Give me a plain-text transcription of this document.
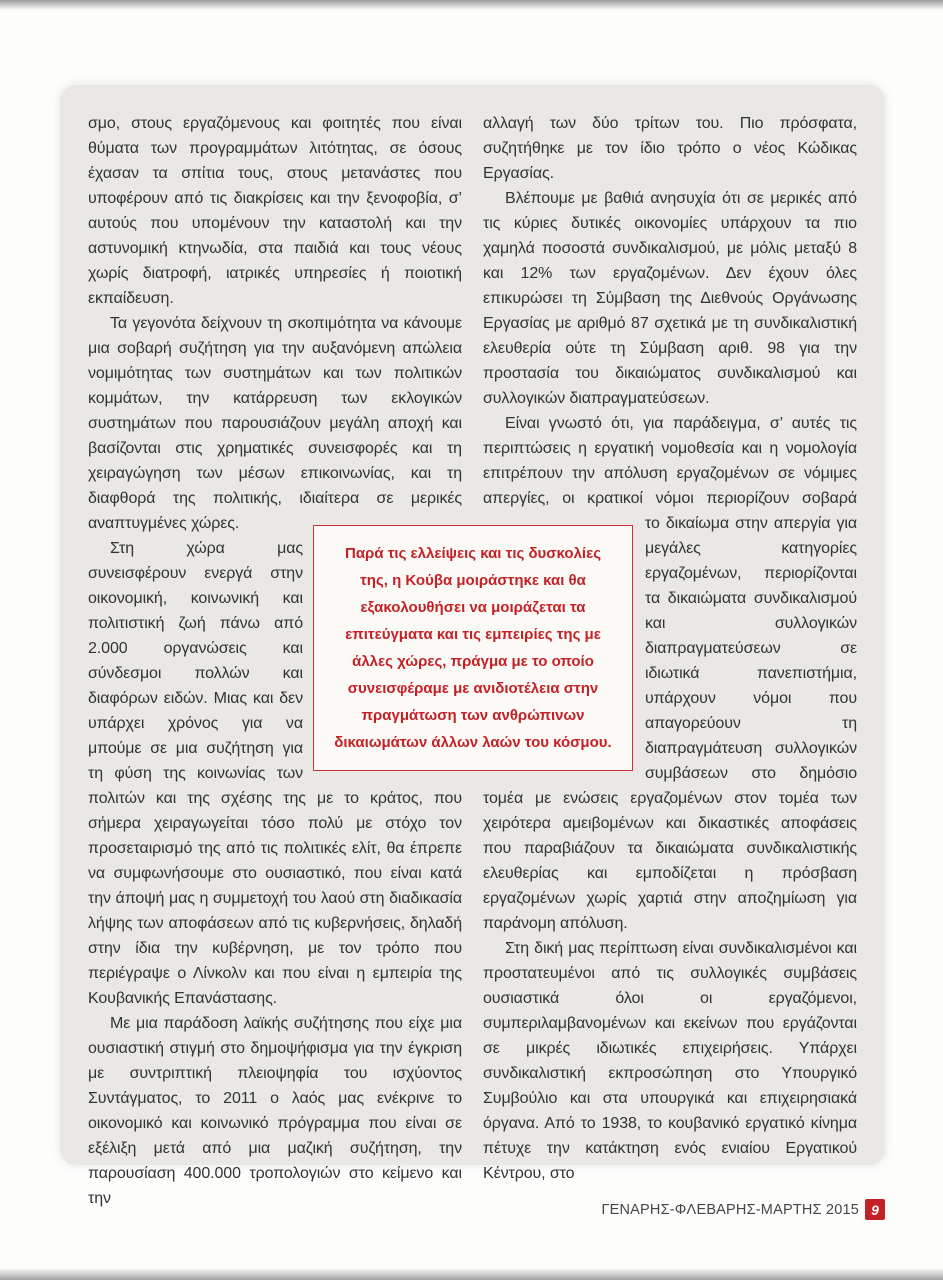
σμο, στους εργαζόμενους και φοιτητές που είναι θύματα των προγραμμάτων λιτότητας, σε όσους έχασαν τα σπίτια τους, στους μετανάστες που υποφέρουν από τις διακρίσεις και την ξενοφοβία, σ’ αυτούς που υπομένουν την καταστολή και την αστυνομική κτηνωδία, στα παιδιά και τους νέους χωρίς διατροφή, ιατρικές υπηρεσίες ή ποιοτική εκπαίδευση.

Τα γεγονότα δείχνουν τη σκοπιμότητα να κάνουμε μια σοβαρή συζήτηση για την αυξανόμενη απώλεια νομιμότητας των συστημάτων και των πολιτικών κομμάτων, την κατάρρευση των εκλογικών συστημάτων που παρουσιάζουν μεγάλη αποχή και βασίζονται στις χρηματικές συνεισφορές και τη χειραγώγηση των μέσων επικοινωνίας, και τη διαφθορά της πολιτικής, ιδιαίτερα σε μερικές αναπτυγμένες χώρες.

Στη χώρα μας συνεισφέρουν ενεργά στην οικονομική, κοινωνική και πολιτιστική ζωή πάνω από 2.000 οργανώσεις και σύνδεσμοι πολλών και διαφόρων ειδών. Μιας και δεν υπάρχει χρόνος για να μπούμε σε μια συζήτηση για τη φύση της κοινωνίας των πολιτών και της σχέσης της με το κράτος, που σήμερα χειραγωγείται τόσο πολύ με στόχο τον προσεταιρισμό της από τις πολιτικές ελίτ, θα έπρεπε να συμφωνήσουμε στο ουσιαστικό, που είναι κατά την άποψή μας η συμμετοχή του λαού στη διαδικασία λήψης των αποφάσεων από τις κυβερνήσεις, δηλαδή στην ίδια την κυβέρνηση, με τον τρόπο που περιέγραψε ο Λίνκολν και που είναι η εμπειρία της Κουβανικής Επανάστασης.

Με μια παράδοση λαϊκής συζήτησης που είχε μια ουσιαστική στιγμή στο δημοψήφισμα για την έγκριση με συντριπτική πλειοψηφία του ισχύοντος Συντάγματος, το 2011 ο λαός μας ενέκρινε το οικονομικό και κοινωνικό πρόγραμμα που είναι σε εξέλιξη μετά από μια μαζική συζήτηση, την παρουσίαση 400.000 τροπολογιών στο κείμενο και την

αλλαγή των δύο τρίτων του. Πιο πρόσφατα, συζητήθηκε με τον ίδιο τρόπο ο νέος Κώδικας Εργασίας.

Βλέπουμε με βαθιά ανησυχία ότι σε μερικές από τις κύριες δυτικές οικονομίες υπάρχουν τα πιο χαμηλά ποσοστά συνδικαλισμού, με μόλις μεταξύ 8 και 12% των εργαζομένων. Δεν έχουν όλες επικυρώσει τη Σύμβαση της Διεθνούς Οργάνωσης Εργασίας με αριθμό 87 σχετικά με τη συνδικαλιστική ελευθερία ούτε τη Σύμβαση αριθ. 98 για την προστασία του δικαιώματος συνδικαλισμού και συλλογικών διαπραγματεύσεων.

Είναι γνωστό ότι, για παράδειγμα, σ’ αυτές τις περιπτώσεις η εργατική νομοθεσία και η νομολογία επιτρέπουν την απόλυση εργαζομένων σε νόμιμες απεργίες, οι κρατικοί νόμοι περιορίζουν σοβαρά

το δικαίωμα στην απεργία για μεγάλες κατηγορίες εργαζομένων, περιορίζονται τα δικαιώματα συνδικαλισμού και συλλογικών διαπραγματεύσεων σε ιδιωτικά πανεπιστήμια, υπάρχουν νόμοι που απαγορεύουν τη διαπραγμάτευση συλλογικών συμβάσεων στο δημόσιο τομέα με ενώσεις εργαζομένων στον τομέα των χειρότερα αμειβομένων και δικαστικές αποφάσεις που παραβιάζουν τα δικαιώματα συνδικαλιστικής ελευθερίας και εμποδίζεται η πρόσβαση εργαζομένων χωρίς χαρτιά στην αποζημίωση για παράνομη απόλυση.

Στη δική μας περίπτωση είναι συνδικαλισμένοι και προστατευμένοι από τις συλλογικές συμβάσεις ουσιαστικά όλοι οι εργαζόμενοι, συμπεριλαμβανομένων και εκείνων που εργάζονται σε μικρές ιδιωτικές επιχειρήσεις. Υπάρχει συνδικαλιστική εκπροσώπηση στο Υπουργικό Συμβούλιο και στα υπουργικά και επιχειρησιακά όργανα. Από το 1938, το κουβανικό εργατικό κίνημα πέτυχε την κατάκτηση ενός ενιαίου Εργατικού Κέντρου, στο

Παρά τις ελλείψεις και τις δυσκολίες της, η Κούβα μοιράστηκε και θα εξακολουθήσει να μοιράζεται τα επιτεύγματα και τις εμπειρίες της με άλλες χώρες, πράγμα με το οποίο συνεισφέραμε με ανιδιοτέλεια στην πραγμάτωση των ανθρώπινων δικαιωμάτων άλλων λαών του κόσμου.

ΓΕΝΑΡΗΣ-ΦΛΕΒΑΡΗΣ-ΜΑΡΤΗΣ 2015 9
